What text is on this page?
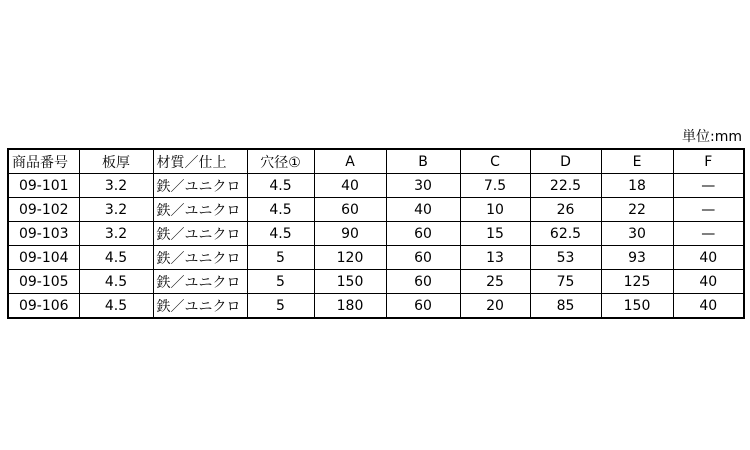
単位:mm
商品番号	板厚	材質／仕上	穴径①	A	B	C	D	E	F
09-101	3.2	鉄／ユニクロ	4.5	40	30	7.5	22.5	18	—
09-102	3.2	鉄／ユニクロ	4.5	60	40	10	26	22	—
09-103	3.2	鉄／ユニクロ	4.5	90	60	15	62.5	30	—
09-104	4.5	鉄／ユニクロ	5	120	60	13	53	93	40
09-105	4.5	鉄／ユニクロ	5	150	60	25	75	125	40
09-106	4.5	鉄／ユニクロ	5	180	60	20	85	150	40
